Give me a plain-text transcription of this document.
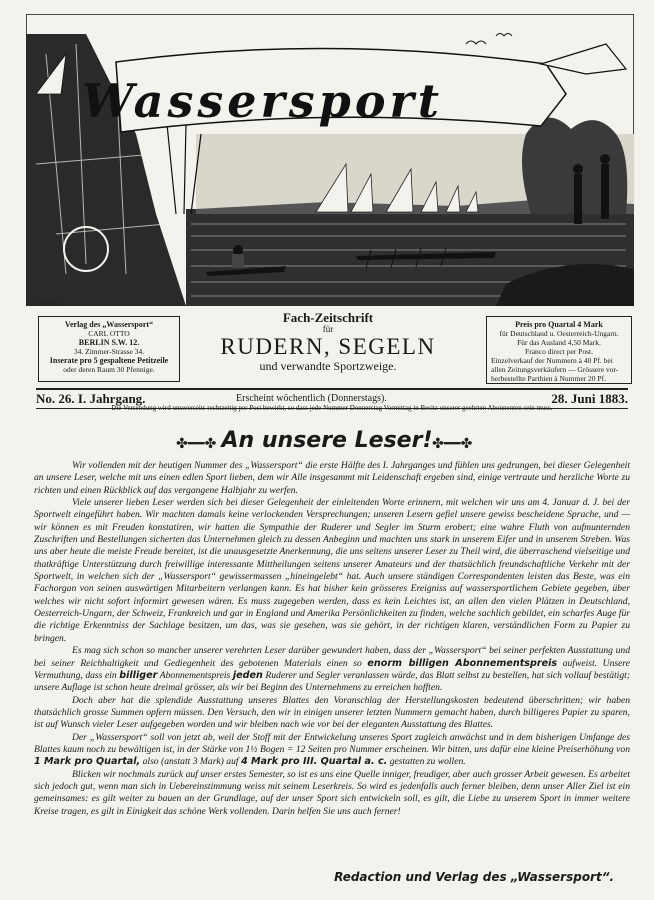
Wassersport
Woite
Verlag des „Wassersport“
CARL OTTO
BERLIN S.W. 12.
34. Zimmer-Strasse 34.
Inserate pro 5 gespaltene Petitzeile
oder deren Raum 30 Pfennige.
Fach-Zeitschrift
für
RUDERN, SEGELN
und verwandte Sportzweige.
Preis pro Quartal 4 Mark
für Deutschland u. Oesterreich-Ungarn.
Für das Ausland 4,50 Mark.
Franco direct per Post.
Einzelverkauf der Nummern à 40 Pf. bei
allen Zeitungsverkäufern — Grössere vor-
herbestellte Parthien à Nummer 20 Pf.
No. 26. I. Jahrgang.	Erscheint wöchentlich (Donnerstags).	28. Juni 1883.
Die Versendung wird unsererseits rechtzeitig per Post bewirkt, so dass jede Nummer Donnerstag Vormittag in Besitz unserer geehrten Abonnenten sein muss.
✤━━✤ An unsere Leser! ✤━━✤

Wir vollenden mit der heutigen Nummer des „Wassersport“ die erste Hälfte des I. Jahrganges und fühlen uns gedrungen, bei dieser Gelegenheit an unsere Leser, welche mit uns einen edlen Sport lieben, dem wir Alle insgesammt mit Leidenschaft ergeben sind, einige vertraute und herzliche Worte zu richten und einen Rückblick auf das vergangene Halbjahr zu werfen.

Viele unserer lieben Leser werden sich bei dieser Gelegenheit der einleitenden Worte erinnern, mit welchen wir uns am 4. Januar d. J. bei der Sportwelt eingeführt haben. Wir machten damals keine verlockenden Versprechungen; unseren Lesern gefiel unsere gewiss bescheidene Sprache, und — wir können es mit Freuden konstatiren, wir hatten die Sympathie der Ruderer und Segler im Sturm erobert; eine wahre Fluth von aufmunternden Zuschriften und Bestellungen sicherten das Unternehmen gleich zu dessen Anbeginn und machten uns stark in unserem Eifer und in unserem Streben. Was uns aber heute die meiste Freude bereitet, ist die unausgesetzte Anerkennung, die uns seitens unserer Leser zu Theil wird, die überraschend vielseitige und thatkräftige Unterstützung durch freiwillige interessante Mittheilungen seitens unserer Amateurs und der thatsächlich freundschaftliche Verkehr mit der Sportwelt, in welchen sich der „Wassersport“ gewissermassen „hineingelebt“ hat. Auch unsere ständigen Correspondenten leisten das Beste, was ein Fachorgan von seinen auswärtigen Mitarbeitern verlangen kann. Es hat bisher kein grösseres Ereigniss auf wassersportlichem Gebiete gegeben, über welches wir nicht sofort informirt gewesen wären. Es muss zugegeben werden, dass es kein Leichtes ist, an allen den vielen Plätzen in Deutschland, Oesterreich-Ungarn, der Schweiz, Frankreich und gar in England und Amerika Persönlichkeiten zu finden, welche sachlich gebildet, ein scharfes Auge für die richtige Erkenntniss der Sachlage besitzen, um das, was sie gesehen, was sie gehört, in der richtigen klaren, verständlichen Form zu Papier zu bringen.

Es mag sich schon so mancher unserer verehrten Leser darüber gewundert haben, dass der „Wassersport“ bei seiner perfekten Ausstattung und bei seiner Reichhaltigkeit und Gediegenheit des gebotenen Materials einen so enorm billigen Abonnementspreis aufweist. Unsere Vermuthung, dass ein billiger Abonnementspreis jeden Ruderer und Segler veranlassen würde, das Blatt selbst zu bestellen, hat sich vollauf bestätigt; unsere Auflage ist schon heute dreimal grösser, als wir bei Beginn des Unternehmens zu erreichen hofften.

Doch aber hat die splendide Ausstattung unseres Blattes den Voranschlag der Herstellungskosten bedeutend überschritten; wir haben thatsächlich grosse Summen opfern müssen. Den Versuch, den wir in einigen unserer letzten Nummern gemacht haben, durch billigeres Papier zu sparen, ist auf Wunsch vieler Leser aufgegeben worden und wir bleiben nach wie vor bei der eleganten Ausstattung des Blattes.

Der „Wassersport“ soll von jetzt ab, weil der Stoff mit der Entwickelung unseres Sport zugleich anwächst und in dem bisherigen Umfange des Blattes kaum noch zu bewältigen ist, in der Stärke von 1½ Bogen = 12 Seiten pro Nummer erscheinen. Wir bitten, uns dafür eine kleine Preiserhöhung von 1 Mark pro Quartal, also (anstatt 3 Mark) auf 4 Mark pro III. Quartal a. c. gestatten zu wollen.

Blicken wir nochmals zurück auf unser erstes Semester, so ist es uns eine Quelle inniger, freudiger, aber auch grosser Arbeit gewesen. Es arbeitet sich jedoch gut, wenn man sich in Uebereinstimmung weiss mit seinem Leserkreis. So wird es jedenfalls auch ferner bleiben, denn unser Aller Ziel ist ein gemeinsames: es gilt weiter zu bauen an der Grundlage, auf der unser Sport sich entwickeln soll, es gilt, die Liebe zu unserem Sport in immer weitere Kreise tragen, es gilt in Einigkeit das schöne Werk vollenden. Darin helfen Sie uns auch ferner!

Redaction und Verlag des „Wassersport“.
